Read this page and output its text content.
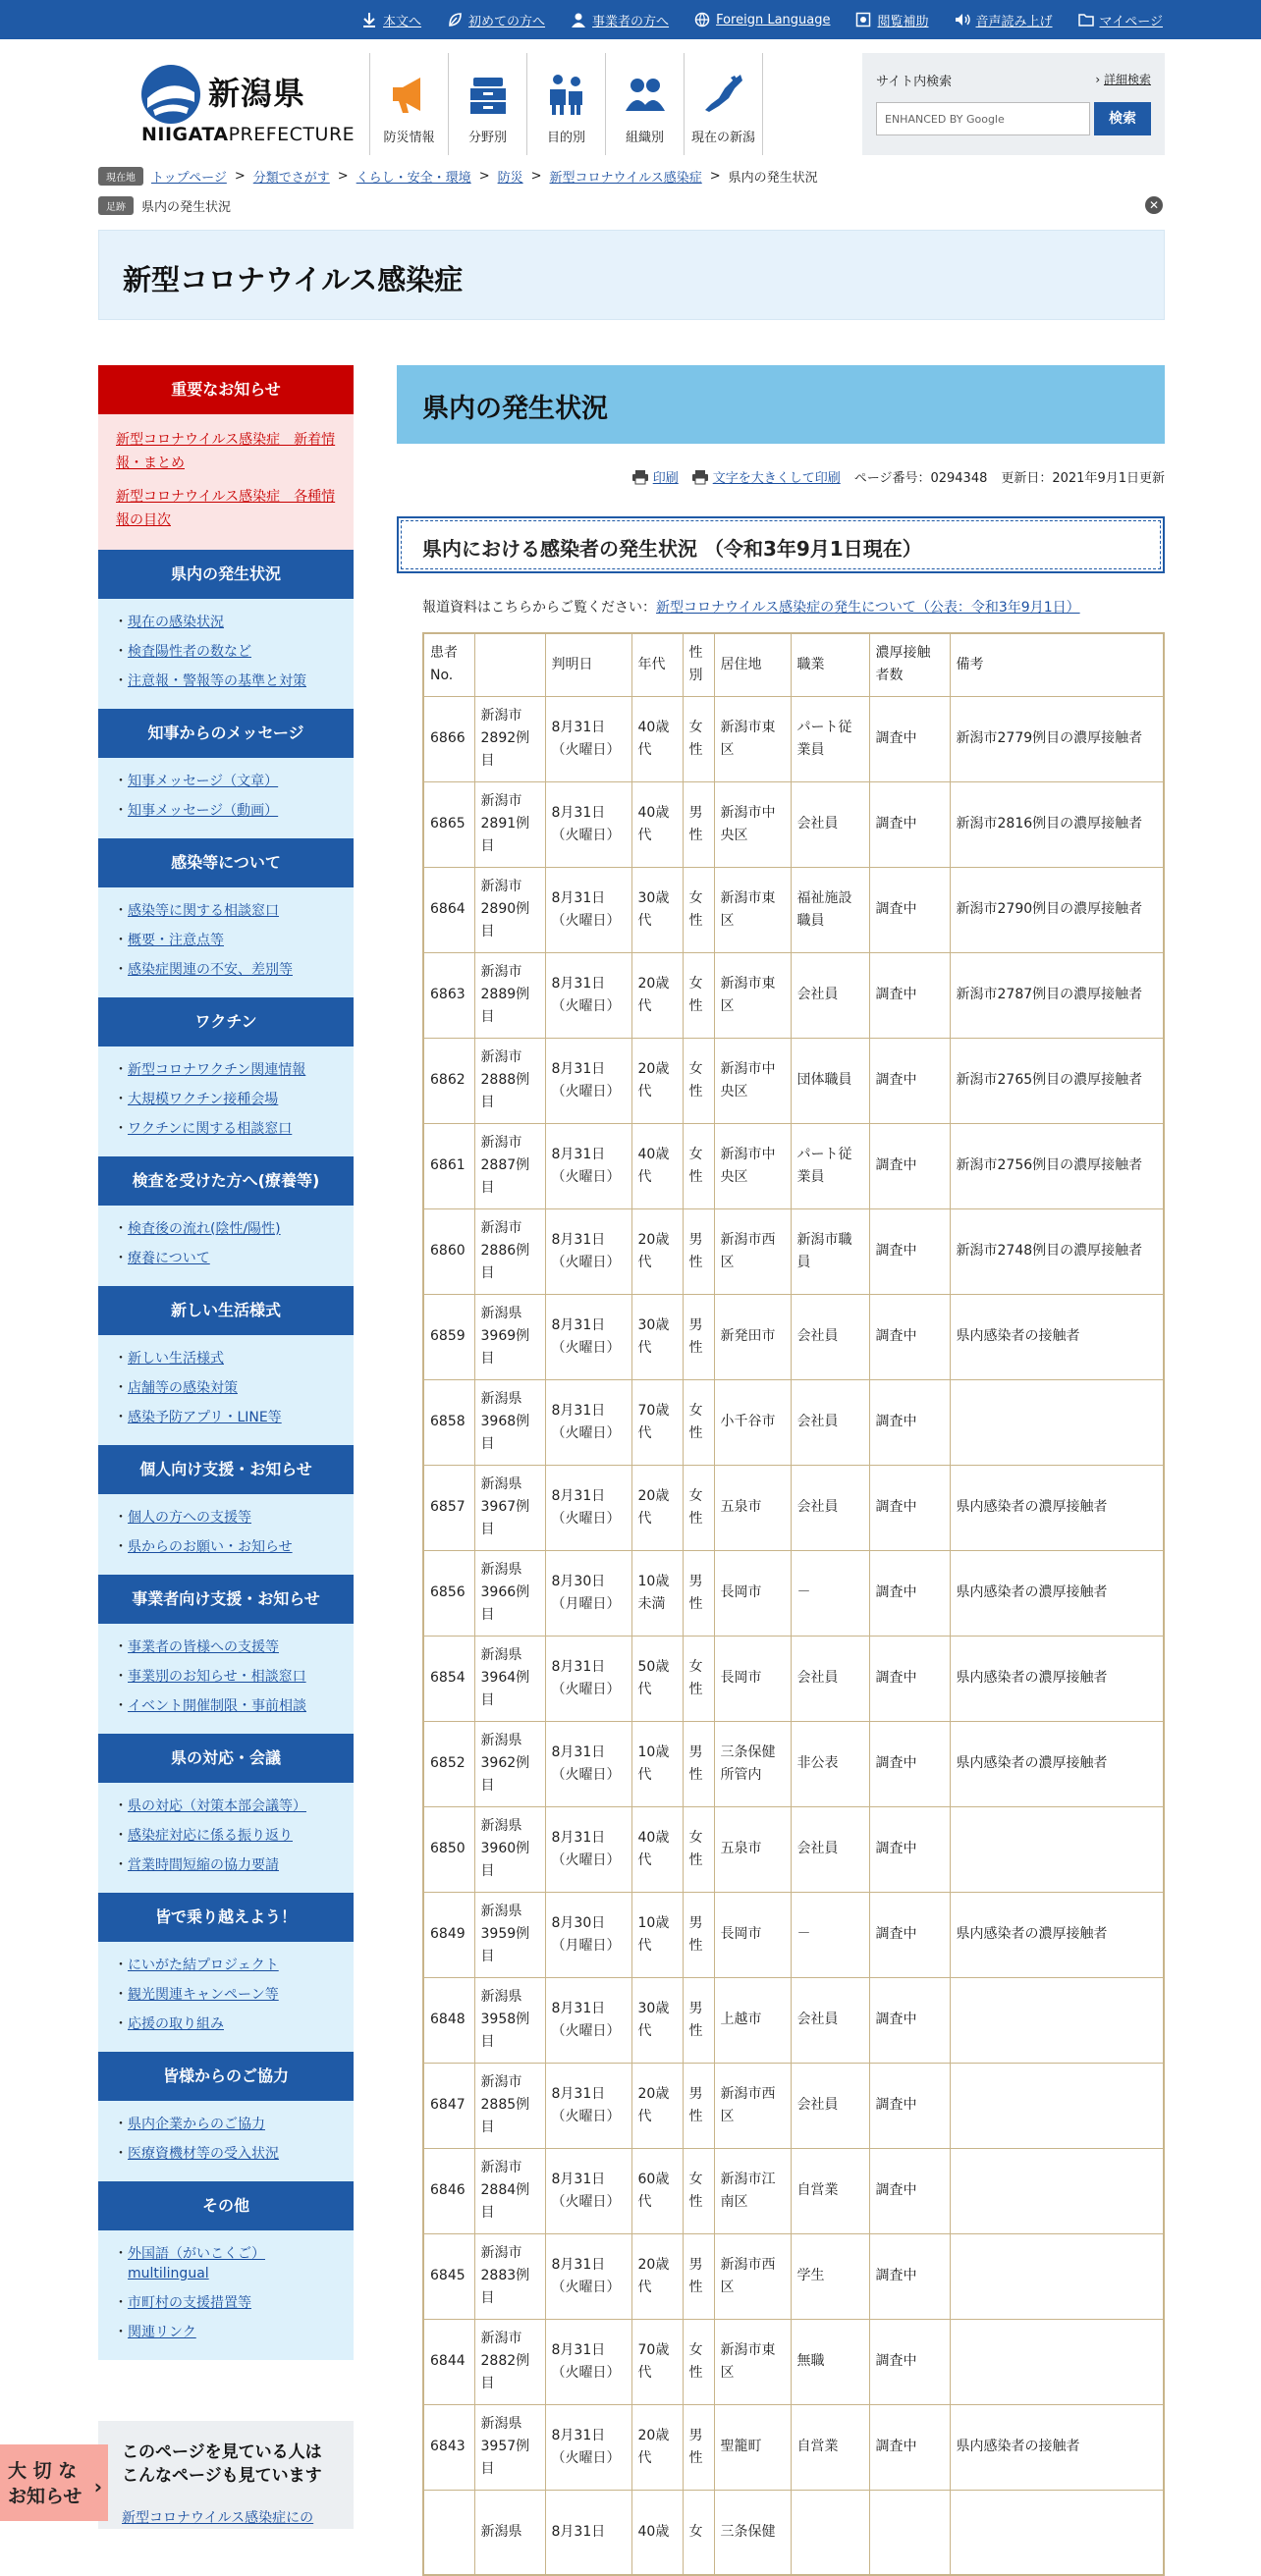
本文へ	初めての方へ	事業者の方へ	Foreign Language	閲覧補助	音声読み上げ	マイページ
新潟県
NIIGATAPREFECTURE 防災情報	分野別	目的別	組織別 現在の新潟
サイト内検索	› 詳細検索
ENHANCED BY Google	検索
現在地	トップページ > 分類でさがす > くらし・安全・環境 > 防災 > 新型コロナウイルス感染症 > 県内の発生状況
足跡	県内の発生状況	✕
新型コロナウイルス感染症
重要なお知らせ
新型コロナウイルス感染症　新着情報・まとめ
新型コロナウイルス感染症　各種情報の目次
県内の発生状況
・ 現在の感染状況
・ 検査陽性者の数など
・ 注意報・警報等の基準と対策
知事からのメッセージ
・ 知事メッセージ（文章）
・ 知事メッセージ（動画）
感染等について
・ 感染等に関する相談窓口
・ 概要・注意点等
・ 感染症関連の不安、差別等
ワクチン
・ 新型コロナワクチン関連情報
・ 大規模ワクチン接種会場
・ ワクチンに関する相談窓口
検査を受けた方へ(療養等)
・ 検査後の流れ(陰性/陽性)
・ 療養について
新しい生活様式
・ 新しい生活様式
・ 店舗等の感染対策
・ 感染予防アプリ・LINE等
個人向け支援・お知らせ
・ 個人の方への支援等
・ 県からのお願い・お知らせ
事業者向け支援・お知らせ
・ 事業者の皆様への支援等
・ 事業別のお知らせ・相談窓口
・ イベント開催制限・事前相談
県の対応・会議
・ 県の対応（対策本部会議等）
・ 感染症対応に係る振り返り
・ 営業時間短縮の協力要請
皆で乗り越えよう！
・ にいがた結プロジェクト
・ 観光関連キャンペーン等
・ 応援の取り組み
皆様からのご協力
・ 県内企業からのご協力
・ 医療資機材等の受入状況
その他
・ 外国語（がいこくご）multilingual
・ 市町村の支援措置等
・ 関連リンク
県内の発生状況
印刷	文字を大きくして印刷 ページ番号：0294348 更新日：2021年9月1日更新
県内における感染者の発生状況 （令和3年9月1日現在）
報道資料はこちらからご覧ください：新型コロナウイルス感染症の発生について（公表：令和3年9月1日）
患者 No.		判明日	年代	性別	居住地	職業	濃厚接触者数	備考
6866	新潟市2892例目	8月31日（火曜日）	40歳代	女性	新潟市東区	パート従業員	調査中	新潟市2779例目の濃厚接触者
6865	新潟市2891例目	8月31日（火曜日）	40歳代	男性	新潟市中央区	会社員	調査中	新潟市2816例目の濃厚接触者
6864	新潟市2890例目	8月31日（火曜日）	30歳代	女性	新潟市東区	福祉施設職員	調査中	新潟市2790例目の濃厚接触者
6863	新潟市2889例目	8月31日（火曜日）	20歳代	女性	新潟市東区	会社員	調査中	新潟市2787例目の濃厚接触者
6862	新潟市2888例目	8月31日（火曜日）	20歳代	女性	新潟市中央区	団体職員	調査中	新潟市2765例目の濃厚接触者
6861	新潟市2887例目	8月31日（火曜日）	40歳代	女性	新潟市中央区	パート従業員	調査中	新潟市2756例目の濃厚接触者
6860	新潟市2886例目	8月31日（火曜日）	20歳代	男性	新潟市西区	新潟市職員	調査中	新潟市2748例目の濃厚接触者
6859	新潟県3969例目	8月31日（火曜日）	30歳代	男性	新発田市	会社員	調査中	県内感染者の接触者
6858	新潟県3968例目	8月31日（火曜日）	70歳代	女性	小千谷市	会社員	調査中	
6857	新潟県3967例目	8月31日（火曜日）	20歳代	女性	五泉市	会社員	調査中	県内感染者の濃厚接触者
6856	新潟県3966例目	8月30日（月曜日）	10歳未満	男性	長岡市	－	調査中	県内感染者の濃厚接触者
6854	新潟県3964例目	8月31日（火曜日）	50歳代	女性	長岡市	会社員	調査中	県内感染者の濃厚接触者
6852	新潟県3962例目	8月31日（火曜日）	10歳代	男性	三条保健所管内	非公表	調査中	県内感染者の濃厚接触者
6850	新潟県3960例目	8月31日（火曜日）	40歳代	女性	五泉市	会社員	調査中	
6849	新潟県3959例目	8月30日（月曜日）	10歳代	男性	長岡市	－	調査中	県内感染者の濃厚接触者
6848	新潟県3958例目	8月31日（火曜日）	30歳代	男性	上越市	会社員	調査中	
6847	新潟市2885例目	8月31日（火曜日）	20歳代	男性	新潟市西区	会社員	調査中	
6846	新潟市2884例目	8月31日（火曜日）	60歳代	女性	新潟市江南区	自営業	調査中	
6845	新潟市2883例目	8月31日（火曜日）	20歳代	男性	新潟市西区	学生	調査中	
6844	新潟市2882例目	8月31日（火曜日）	70歳代	女性	新潟市東区	無職	調査中	
6843	新潟県3957例目	8月31日（火曜日）	20歳代	男性	聖籠町	自営業	調査中	県内感染者の接触者
	新潟県	8月31日	40歳	女	三条保健			
このページを見ている人はこんなページも見ています
新型コロナウイルス感染症にの
大 切 な
お知らせ ›
